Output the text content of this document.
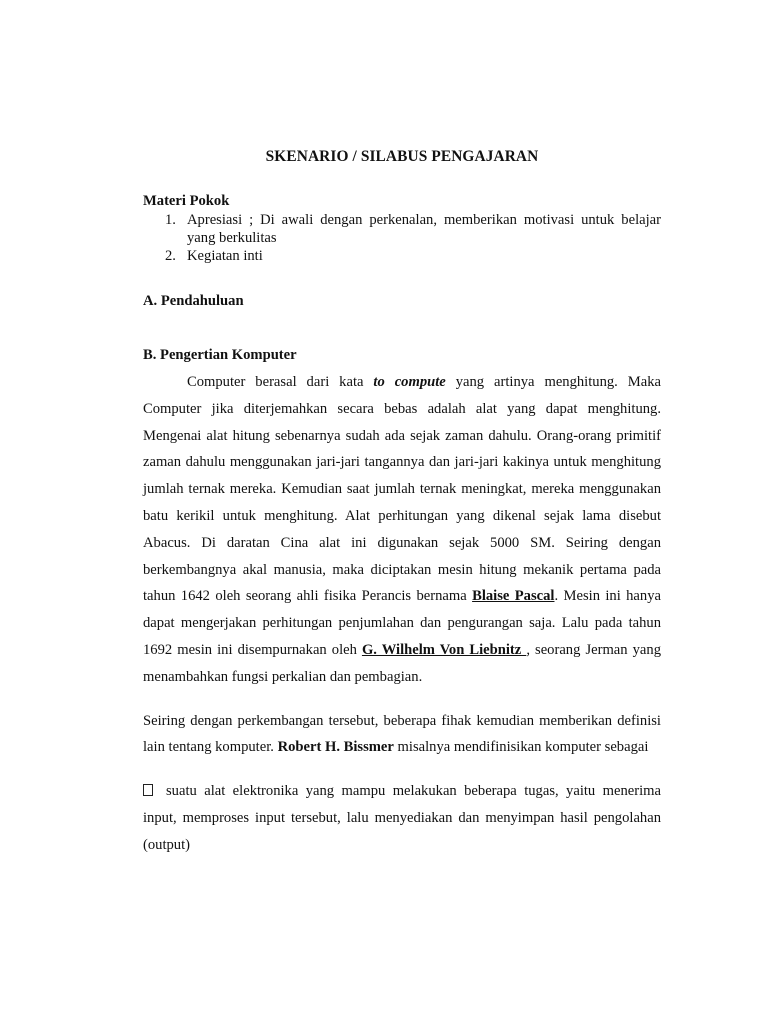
SKENARIO / SILABUS PENGAJARAN
Materi Pokok
1. Apresiasi ; Di awali dengan perkenalan, memberikan motivasi untuk belajar yang berkulitas
2. Kegiatan inti
A. Pendahuluan
B. Pengertian Komputer

Computer berasal dari kata to compute yang artinya menghitung. Maka Computer jika diterjemahkan secara bebas adalah alat yang dapat menghitung. Mengenai alat hitung sebenarnya sudah ada sejak zaman dahulu. Orang-orang primitif zaman dahulu menggunakan jari-jari tangannya dan jari-jari kakinya untuk menghitung jumlah ternak mereka. Kemudian saat jumlah ternak meningkat, mereka menggunakan batu kerikil untuk menghitung. Alat perhitungan yang dikenal sejak lama disebut Abacus. Di daratan Cina alat ini digunakan sejak 5000 SM. Seiring dengan berkembangnya akal manusia, maka diciptakan mesin hitung mekanik pertama pada tahun 1642 oleh seorang ahli fisika Perancis bernama Blaise Pascal. Mesin ini hanya dapat mengerjakan perhitungan penjumlahan dan pengurangan saja. Lalu pada tahun 1692 mesin ini disempurnakan oleh G. Wilhelm Von Liebnitz , seorang Jerman yang menambahkan fungsi perkalian dan pembagian.

Seiring dengan perkembangan tersebut, beberapa fihak kemudian memberikan definisi lain tentang komputer. Robert H. Bissmer misalnya mendifinisikan komputer sebagai

suatu alat elektronika yang mampu melakukan beberapa tugas, yaitu menerima input, memproses input tersebut, lalu menyediakan dan menyimpan hasil pengolahan (output)
